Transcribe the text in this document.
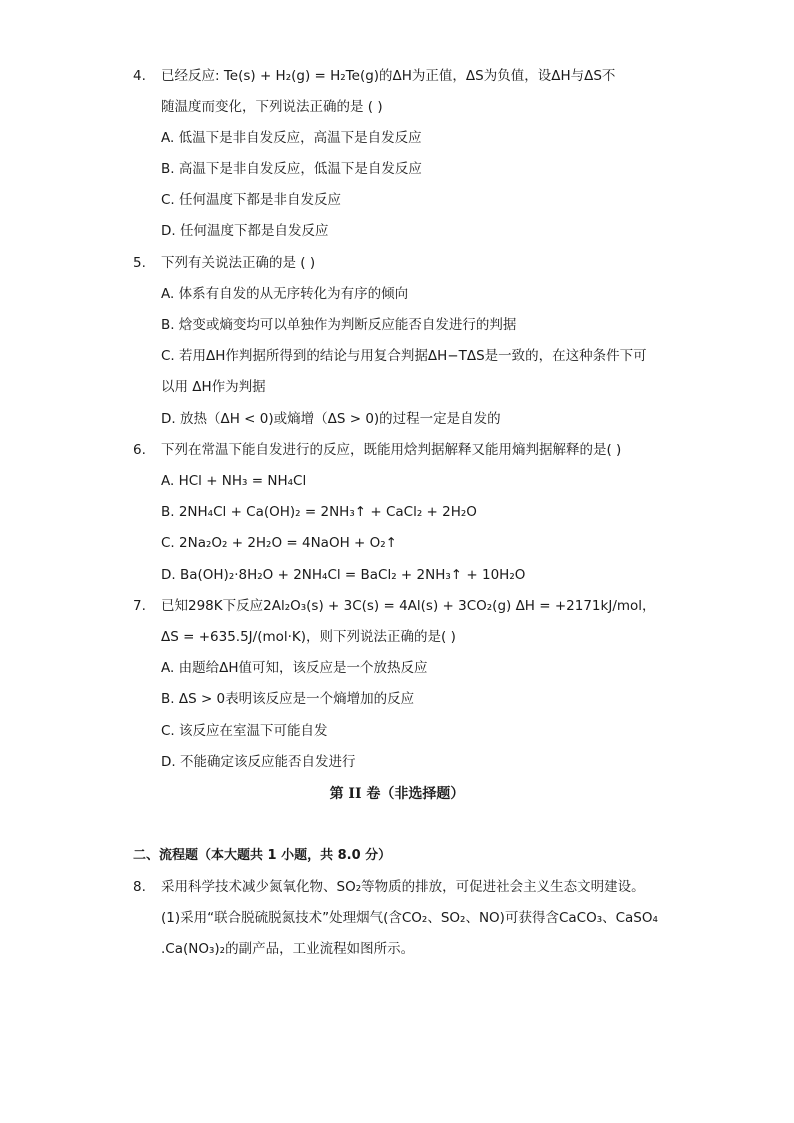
4. 已经反应: Te(s) + H₂(g) = H₂Te(g)的ΔH为正值，ΔS为负值，设ΔH与ΔS不
随温度而变化，下列说法正确的是 ( )
A. 低温下是非自发反应，高温下是自发反应
B. 高温下是非自发反应，低温下是自发反应
C. 任何温度下都是非自发反应
D. 任何温度下都是自发反应
5. 下列有关说法正确的是 ( )
A. 体系有自发的从无序转化为有序的倾向
B. 焓变或熵变均可以单独作为判断反应能否自发进行的判据
C. 若用ΔH作判据所得到的结论与用复合判据ΔH−TΔS是一致的，在这种条件下可
以用 ΔH作为判据
D. 放热（ΔH < 0)或熵增（ΔS > 0)的过程一定是自发的
6. 下列在常温下能自发进行的反应，既能用焓判据解释又能用熵判据解释的是( )
A. HCl + NH₃ = NH₄Cl
B. 2NH₄Cl + Ca(OH)₂ = 2NH₃↑ + CaCl₂ + 2H₂O
C. 2Na₂O₂ + 2H₂O = 4NaOH + O₂↑
D. Ba(OH)₂·8H₂O + 2NH₄Cl = BaCl₂ + 2NH₃↑ + 10H₂O
7. 已知298K下反应2Al₂O₃(s) + 3C(s) = 4Al(s) + 3CO₂(g) ΔH = +2171kJ/mol，
ΔS = +635.5J/(mol·K)，则下列说法正确的是( )
A. 由题给ΔH值可知，该反应是一个放热反应
B. ΔS > 0表明该反应是一个熵增加的反应
C. 该反应在室温下可能自发
D. 不能确定该反应能否自发进行
第 II 卷（非选择题）
二、流程题（本大题共 1 小题，共 8.0 分）
8. 采用科学技术减少氮氧化物、SO₂等物质的排放，可促进社会主义生态文明建设。
(1)采用“联合脱硫脱氮技术”处理烟气(含CO₂、SO₂、NO)可获得含CaCO₃、CaSO₄
.Ca(NO₃)₂的副产品，工业流程如图所示。
